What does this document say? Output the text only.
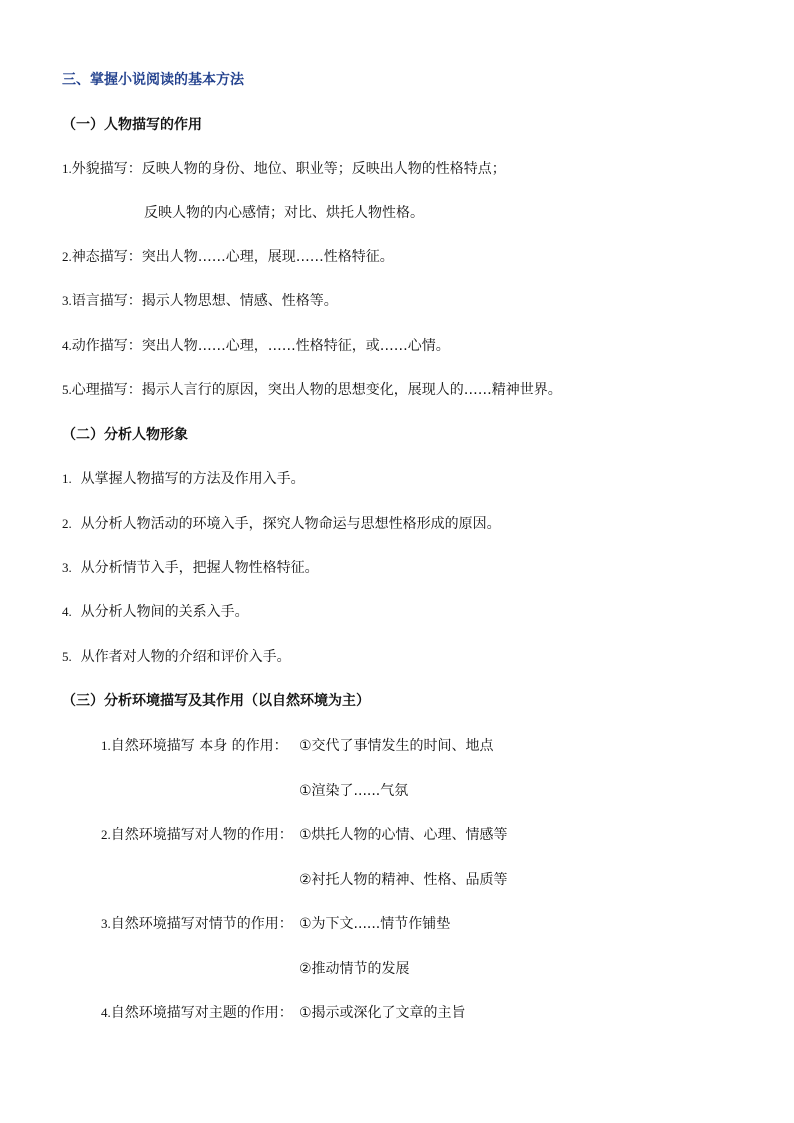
三、掌握小说阅读的基本方法
（一）人物描写的作用
1.外貌描写：反映人物的身份、地位、职业等；反映出人物的性格特点；
反映人物的内心感情；对比、烘托人物性格。
2.神态描写：突出人物……心理，展现……性格特征。
3.语言描写：揭示人物思想、情感、性格等。
4.动作描写：突出人物……心理，……性格特征，或……心情。
5.心理描写：揭示人言行的原因，突出人物的思想变化，展现人的……精神世界。
（二）分析人物形象
1. 从掌握人物描写的方法及作用入手。
2. 从分析人物活动的环境入手，探究人物命运与思想性格形成的原因。
3. 从分析情节入手，把握人物性格特征。
4. 从分析人物间的关系入手。
5. 从作者对人物的介绍和评价入手。
（三）分析环境描写及其作用（以自然环境为主）
1.自然环境描写 本身 的作用： ①交代了事情发生的时间、地点
①渲染了......气氛
2.自然环境描写对人物的作用： ①烘托人物的心情、心理、情感等
②衬托人物的精神、性格、品质等
3.自然环境描写对情节的作用： ①为下文......情节作铺垫
②推动情节的发展
4.自然环境描写对主题的作用： ①揭示或深化了文章的主旨
